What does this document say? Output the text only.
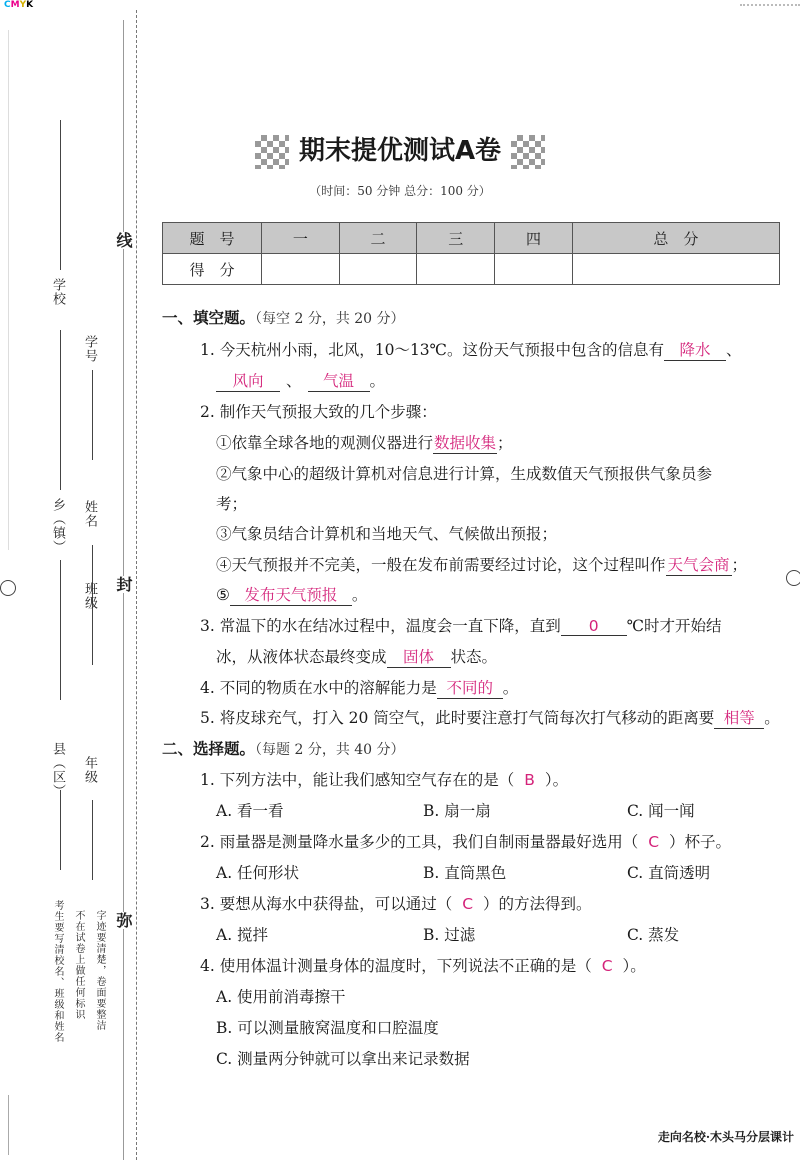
CMYK
线
封
弥
学校
学号
乡（镇） 姓名
班级
县（区） 年级
考生要写清校名、班级和姓名 不在试卷上做任何标识 字迹要清楚，卷面要整洁
期末提优测试A卷
（时间：50 分钟 总分：100 分）
题　号	一	二	三	四	总　分
得　分					
一、填空题。（每空 2 分，共 20 分）
1. 今天杭州小雨，北风，10～13℃。这份天气预报中包含的信息有 降水 、
风向 、 气温 。
2. 制作天气预报大致的几个步骤：
①依靠全球各地的观测仪器进行数据收集；
②气象中心的超级计算机对信息进行计算，生成数值天气预报供气象员参
考；
③气象员结合计算机和当地天气、气候做出预报；
④天气预报并不完美，一般在发布前需要经过讨论，这个过程叫作 天气会商 ；
⑤ 发布天气预报 。
3. 常温下的水在结冰过程中，温度会一直下降，直到 0 ℃时才开始结
冰，从液体状态最终变成 固体 状态。
4. 不同的物质在水中的溶解能力是 不同的 。
5. 将皮球充气，打入 20 筒空气，此时要注意打气筒每次打气移动的距离要 相等 。
二、选择题。（每题 2 分，共 40 分）
1. 下列方法中，能让我们感知空气存在的是（ B ）。
A. 看一看	B. 扇一扇	C. 闻一闻
2. 雨量器是测量降水量多少的工具，我们自制雨量器最好选用（ C ）杯子。
A. 任何形状	B. 直筒黑色	C. 直筒透明
3. 要想从海水中获得盐，可以通过（ C ）的方法得到。
A. 搅拌	B. 过滤	C. 蒸发
4. 使用体温计测量身体的温度时，下列说法不正确的是（ C ）。
A. 使用前消毒擦干
B. 可以测量腋窝温度和口腔温度
C. 测量两分钟就可以拿出来记录数据
走向名校·木头马分层课计
